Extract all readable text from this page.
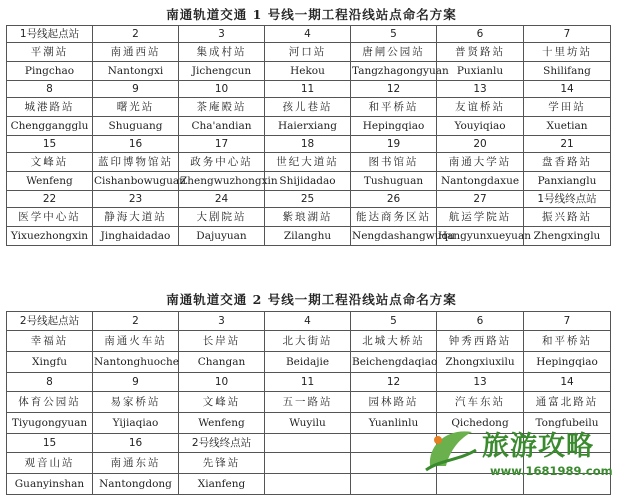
南通轨道交通 1 号线一期工程沿线站点命名方案
1号线起点站	2	3	4	5	6	7
平潮站	南通西站	集成村站	河口站	唐闸公园站	普贤路站	十里坊站
Pingchao	Nantongxi	Jichengcun	Hekou	Tangzhagongyuan	Puxianlu	Shilifang
8	9	10	11	12	13	14
城港路站	曙光站	茶庵殿站	孩儿巷站	和平桥站	友谊桥站	学田站
Chenggangglu	Shuguang	Cha'andian	Haierxiang	Hepingqiao	Youyiqiao	Xuetian
15	16	17	18	19	20	21
文峰站	蓝印博物馆站	政务中心站	世纪大道站	图书馆站	南通大学站	盘香路站
Wenfeng	Cishanbowuguan	Zhengwuzhongxin	Shijidadao	Tushuguan	Nantongdaxue	Panxianglu
22	23	24	25	26	27	1号线终点站
医学中心站	静海大道站	大剧院站	紫琅湖站	能达商务区站	航运学院站	振兴路站
Yixuezhongxin	Jinghaidadao	Dajuyuan	Zilanghu	Nengdashangwuqu	Hangyunxueyuan	Zhengxinglu
南通轨道交通 2 号线一期工程沿线站点命名方案
2号线起点站	2	3	4	5	6	7
幸福站	南通火车站	长岸站	北大街站	北城大桥站	钟秀西路站	和平桥站
Xingfu	Nantonghuoche	Changan	Beidajie	Beichengdaqiao	Zhongxiuxilu	Hepingqiao
8	9	10	11	12	13	14
体育公园站	易家桥站	文峰站	五一路站	园林路站	汽车东站	通富北路站
Tiyugongyuan	Yijiaqiao	Wenfeng	Wuyilu	Yuanlinlu	Qichedong	Tongfubeilu
15	16	2号线终点站				
观音山站	南通东站	先锋站				
Guanyinshan	Nantongdong	Xianfeng				
旅游攻略
www.1681989.com
